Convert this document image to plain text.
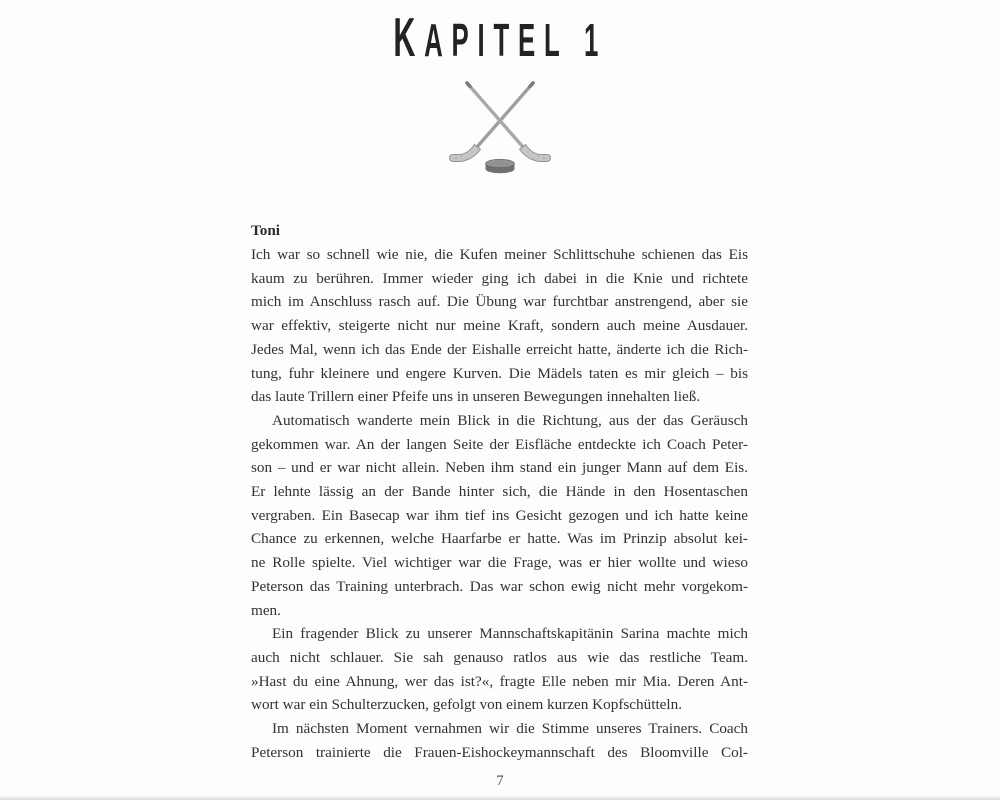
KAPITEL 1
Toni
Ich war so schnell wie nie, die Kufen meiner Schlittschuhe schienen das Eis
kaum zu berühren. Immer wieder ging ich dabei in die Knie und richtete
mich im Anschluss rasch auf. Die Übung war furchtbar anstrengend, aber sie
war effektiv, steigerte nicht nur meine Kraft, sondern auch meine Ausdauer.
Jedes Mal, wenn ich das Ende der Eishalle erreicht hatte, änderte ich die Rich-
tung, fuhr kleinere und engere Kurven. Die Mädels taten es mir gleich – bis
das laute Trillern einer Pfeife uns in unseren Bewegungen innehalten ließ.
Automatisch wanderte mein Blick in die Richtung, aus der das Geräusch
gekommen war. An der langen Seite der Eisfläche entdeckte ich Coach Peter-
son – und er war nicht allein. Neben ihm stand ein junger Mann auf dem Eis.
Er lehnte lässig an der Bande hinter sich, die Hände in den Hosentaschen
vergraben. Ein Basecap war ihm tief ins Gesicht gezogen und ich hatte keine
Chance zu erkennen, welche Haarfarbe er hatte. Was im Prinzip absolut kei-
ne Rolle spielte. Viel wichtiger war die Frage, was er hier wollte und wieso
Peterson das Training unterbrach. Das war schon ewig nicht mehr vorgekom-
men.
Ein fragender Blick zu unserer Mannschaftskapitänin Sarina machte mich
auch nicht schlauer. Sie sah genauso ratlos aus wie das restliche Team.
»Hast du eine Ahnung, wer das ist?«, fragte Elle neben mir Mia. Deren Ant-
wort war ein Schulterzucken, gefolgt von einem kurzen Kopfschütteln.
Im nächsten Moment vernahmen wir die Stimme unseres Trainers. Coach
Peterson trainierte die Frauen-Eishockeymannschaft des Bloomville Col-
7
